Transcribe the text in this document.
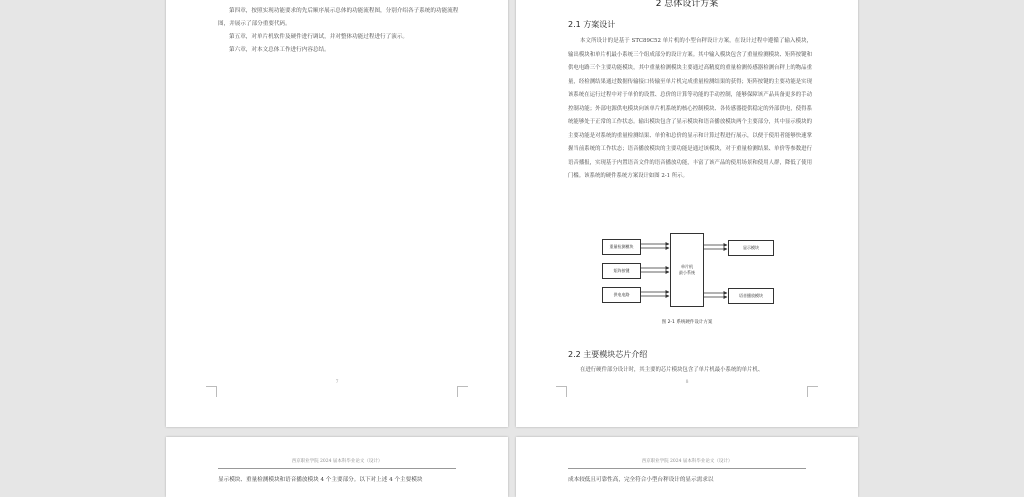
第四章，按照实现功能要求的先后顺序展示总体的功能流程图，分别介绍各子系统的功能流程图，并展示了部分重要代码。
第五章，对单片机软件及硬件进行调试，并对整体功能过程进行了演示。
第六章，对本文总体工作进行内容总结。
7
2 总体设计方案
2.1 方案设计
本文所设计的是基于 STC89C52 单片机的小型台秤设计方案，在设计过程中遵循了输入模块，输出模块和单片机最小系统三个组成部分的设计方案。其中输入模块包含了重量检测模块、矩阵按键和供电电路三个主要功能模块，其中重量检测模块主要通过高精度的重量检测传感器检测台秤上的物品重量，经检测结果通过数据传输接口传输至单片机完成重量检测结果的获得；矩阵按键的主要功能是实现该系统在运行过程中对于单价的设置、总价的计算等功能的手动控制，能够保障该产品具备更多的手动控制功能；外部电源供电模块向该单片机系统的核心控制模块、各传感器提供稳定的外部供电，使得系统能够处于正常的工作状态。输出模块包含了显示模块和语音播放模块两个主要部分，其中显示模块的主要功能是对系统的重量检测结果、单价和总价的显示和计算过程进行展示，以便于使用者能够快速掌握当前系统的工作状态；语音播放模块的主要功能是通过该模块，对于重量检测结果、单价等参数进行语音播报，实现基于内置语音文件的语音播放功能，丰富了该产品的使用场景和使用人群，降低了使用门槛。该系统的硬件系统方案设计如图 2-1 所示。
重量检测模块
矩阵按键
供电电路
单片机
最小系统
显示模块
语音播放模块
图 2-1 系统硬件设计方案
2.2 主要模块芯片介绍
在进行硬件部分设计时，其主要的芯片模块包含了单片机最小系统的单片机、
8
西京职业学院 2024 届本科毕业论文（设计）
显示模块、重量检测模块和语音播放模块 4 个主要部分。以下对上述 4 个主要模块
西京职业学院 2024 届本科毕业论文（设计）
成本较低且可靠性高，完全符合小型台秤设计的显示需求以
